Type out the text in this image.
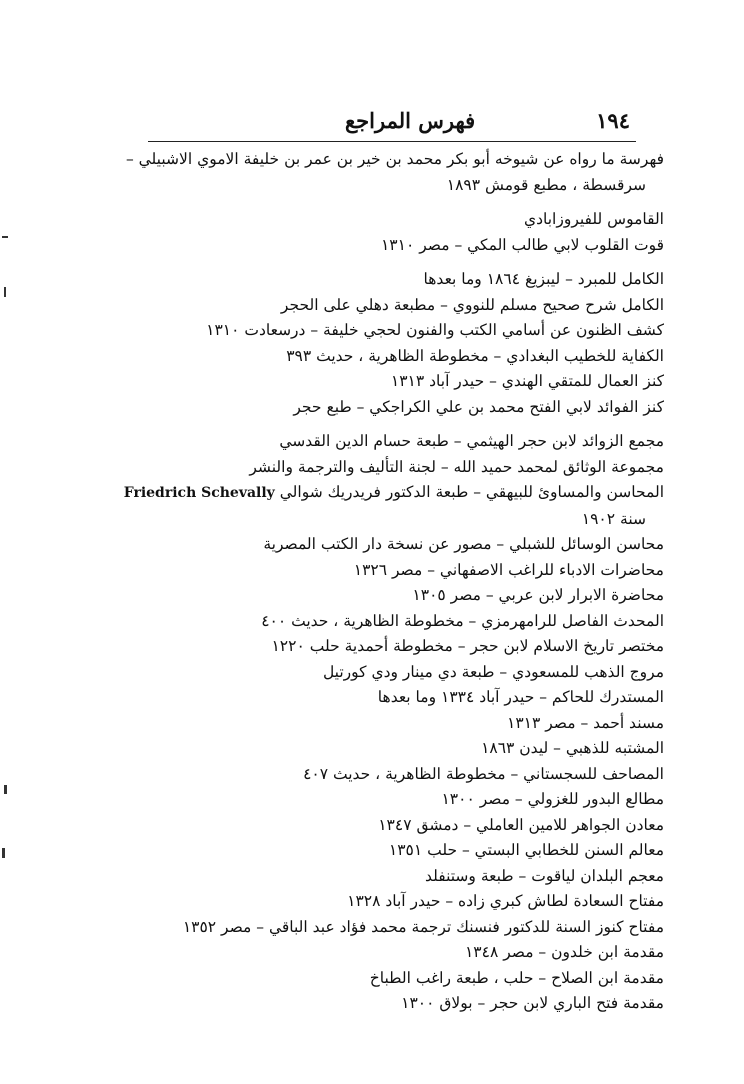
١٩٤
فهرس المراجع
فهرسة ما رواه عن شيوخه أبو بكر محمد بن خير بن عمر بن خليفة الاموي الاشبيلي –
سرقسطة ، مطبع قومش ١٨٩٣
القاموس للفيروزابادي
قوت القلوب لابي طالب المكي – مصر ١٣١٠
الكامل للمبرد – ليبزيغ ١٨٦٤ وما بعدها
الكامل شرح صحيح مسلم للنووي – مطبعة دهلي على الحجر
كشف الظنون عن أسامي الكتب والفنون لحجي خليفة – درسعادت ١٣١٠
الكفاية للخطيب البغدادي – مخطوطة الظاهرية ، حديث ٣٩٣
كنز العمال للمتقي الهندي – حيدر آباد ١٣١٣
كنز الفوائد لابي الفتح محمد بن علي الكراجكي – طبع حجر
مجمع الزوائد لابن حجر الهيثمي – طبعة حسام الدين القدسي
مجموعة الوثائق لمحمد حميد الله – لجنة التأليف والترجمة والنشر
المحاسن والمساوئ للبيهقي – طبعة الدكتور فريدريك شوالي Friedrich Schevally
سنة ١٩٠٢
محاسن الوسائل للشبلي – مصور عن نسخة دار الكتب المصرية
محاضرات الادباء للراغب الاصفهاني – مصر ١٣٢٦
محاضرة الابرار لابن عربي – مصر ١٣٠٥
المحدث الفاصل للرامهرمزي – مخطوطة الظاهرية ، حديث ٤٠٠
مختصر تاريخ الاسلام لابن حجر – مخطوطة أحمدية حلب ١٢٢٠
مروج الذهب للمسعودي – طبعة دي مينار ودي كورتيل
المستدرك للحاكم – حيدر آباد ١٣٣٤ وما بعدها
مسند أحمد – مصر ١٣١٣
المشتبه للذهبي – ليدن ١٨٦٣
المصاحف للسجستاني – مخطوطة الظاهرية ، حديث ٤٠٧
مطالع البدور للغزولي – مصر ١٣٠٠
معادن الجواهر للامين العاملي – دمشق ١٣٤٧
معالم السنن للخطابي البستي – حلب ١٣٥١
معجم البلدان لياقوت – طبعة وستنفلد
مفتاح السعادة لطاش كبري زاده – حيدر آباد ١٣٢٨
مفتاح كنوز السنة للدكتور فنسنك ترجمة محمد فؤاد عبد الباقي – مصر ١٣٥٢
مقدمة ابن خلدون – مصر ١٣٤٨
مقدمة ابن الصلاح – حلب ، طبعة راغب الطباخ
مقدمة فتح الباري لابن حجر – بولاق ١٣٠٠
